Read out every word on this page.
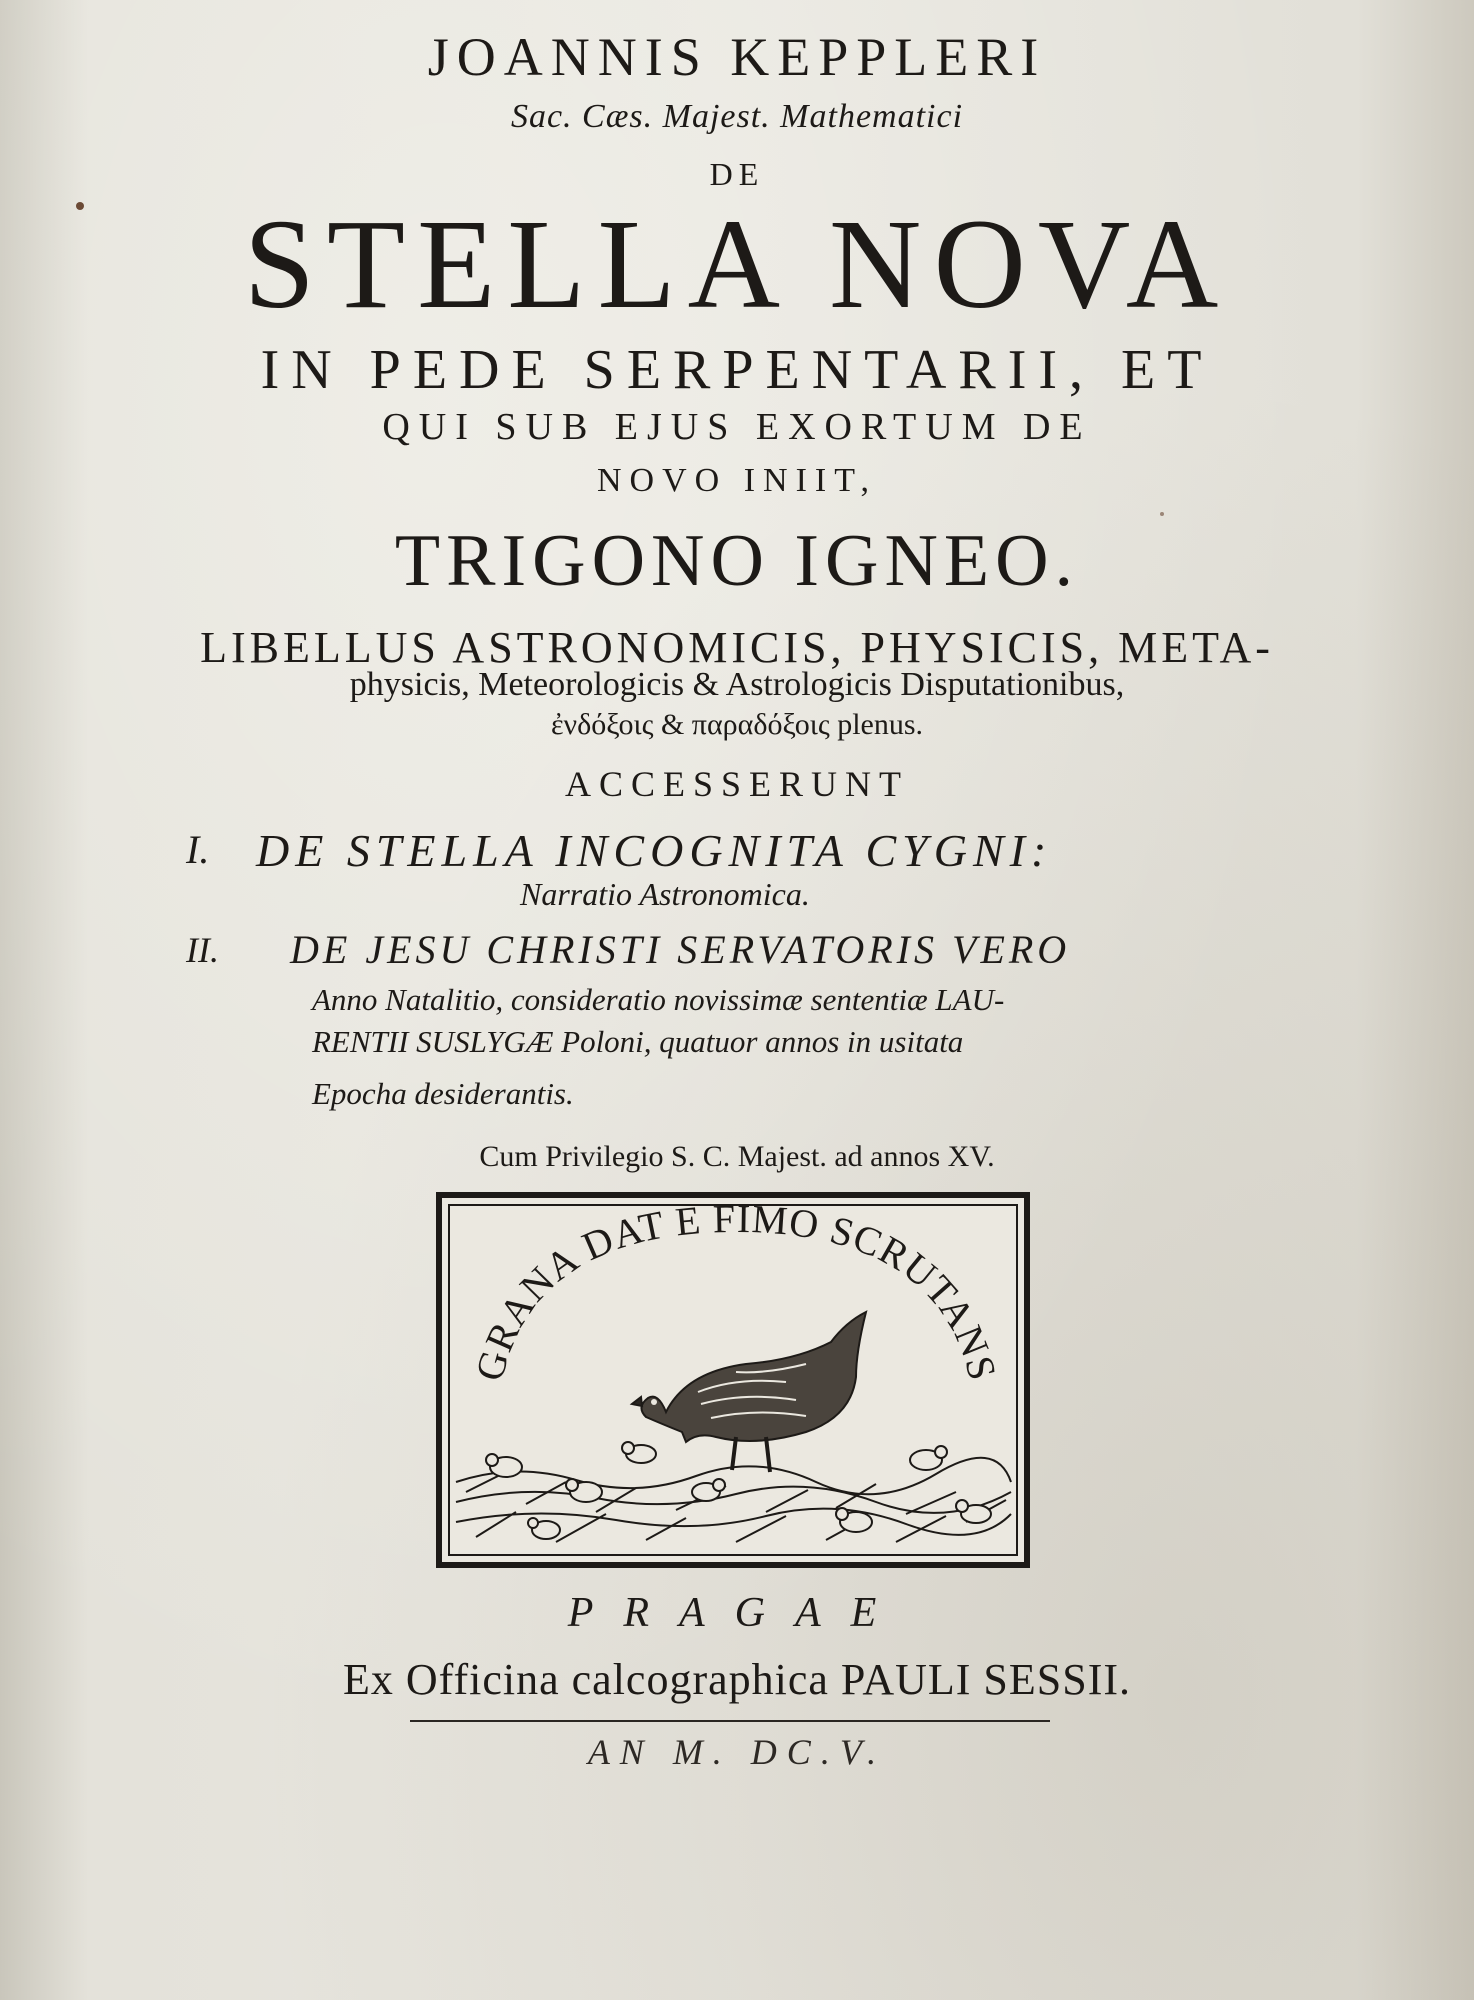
JOANNIS KEPPLERI
Sac. Cæs. Majest. Mathematici
DE
STELLA NOVA
IN PEDE SERPENTARII, ET
QUI SUB EJUS EXORTUM DE
NOVO INIIT,
TRIGONO IGNEO.
LIBELLUS ASTRONOMICIS, PHYSICIS, META-
physicis, Meteorologicis & Astrologicis Disputationibus,
ἐνδόξοις & παραδόξοις plenus.
ACCESSERUNT
I. DE STELLA INCOGNITA CYGNI:
Narratio Astronomica.
II. DE JESU CHRISTI SERVATORIS VERO
Anno Natalitio, consideratio novissimæ sententiæ LAU-
RENTII SUSLYGÆ Poloni, quatuor annos in usitata
Epocha desiderantis.
Cum Privilegio S. C. Majest. ad annos XV.
GRANA DAT E FIMO SCRUTANS
PRAGAE
Ex Officina calcographica PAULI SESSII.
AN M. DC.V.
